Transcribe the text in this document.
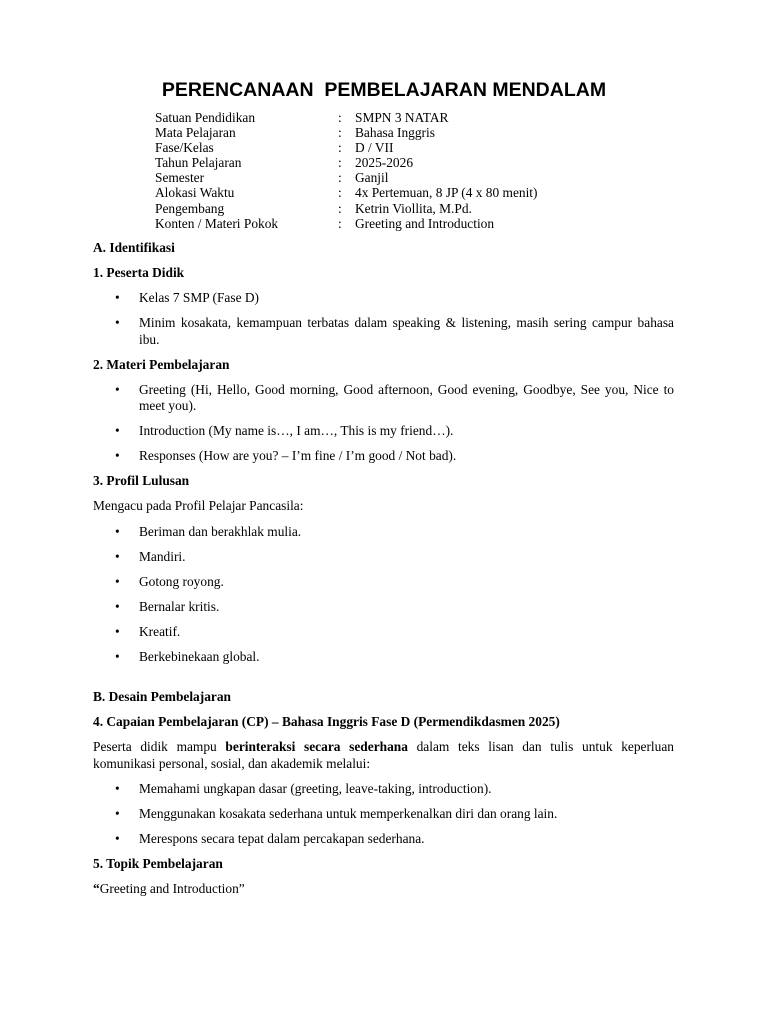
PERENCANAAN  PEMBELAJARAN MENDALAM
Satuan Pendidikan	: SMPN 3 NATAR
Mata Pelajaran	: Bahasa Inggris
Fase/Kelas	: D / VII
Tahun Pelajaran	: 2025-2026
Semester	: Ganjil
Alokasi Waktu	: 4x Pertemuan, 8 JP (4 x 80 menit)
Pengembang	: Ketrin Viollita, M.Pd.
Konten / Materi Pokok	: Greeting and Introduction
A. Identifikasi
1. Peserta Didik
• Kelas 7 SMP (Fase D)
• Minim kosakata, kemampuan terbatas dalam speaking & listening, masih sering campur bahasa ibu.
2. Materi Pembelajaran
• Greeting (Hi, Hello, Good morning, Good afternoon, Good evening, Goodbye, See you, Nice to meet you).
• Introduction (My name is…, I am…, This is my friend…).
• Responses (How are you? – I’m fine / I’m good / Not bad).
3. Profil Lulusan

Mengacu pada Profil Pelajar Pancasila:

• Beriman dan berakhlak mulia.
• Mandiri.
• Gotong royong.
• Bernalar kritis.
• Kreatif.
• Berkebinekaan global.
B. Desain Pembelajaran
4. Capaian Pembelajaran (CP) – Bahasa Inggris Fase D (Permendikdasmen 2025)

Peserta didik mampu berinteraksi secara sederhana dalam teks lisan dan tulis untuk keperluan komunikasi personal, sosial, dan akademik melalui:

• Memahami ungkapan dasar (greeting, leave-taking, introduction).
• Menggunakan kosakata sederhana untuk memperkenalkan diri dan orang lain.
• Merespons secara tepat dalam percakapan sederhana.
5. Topik Pembelajaran

“Greeting and Introduction”
